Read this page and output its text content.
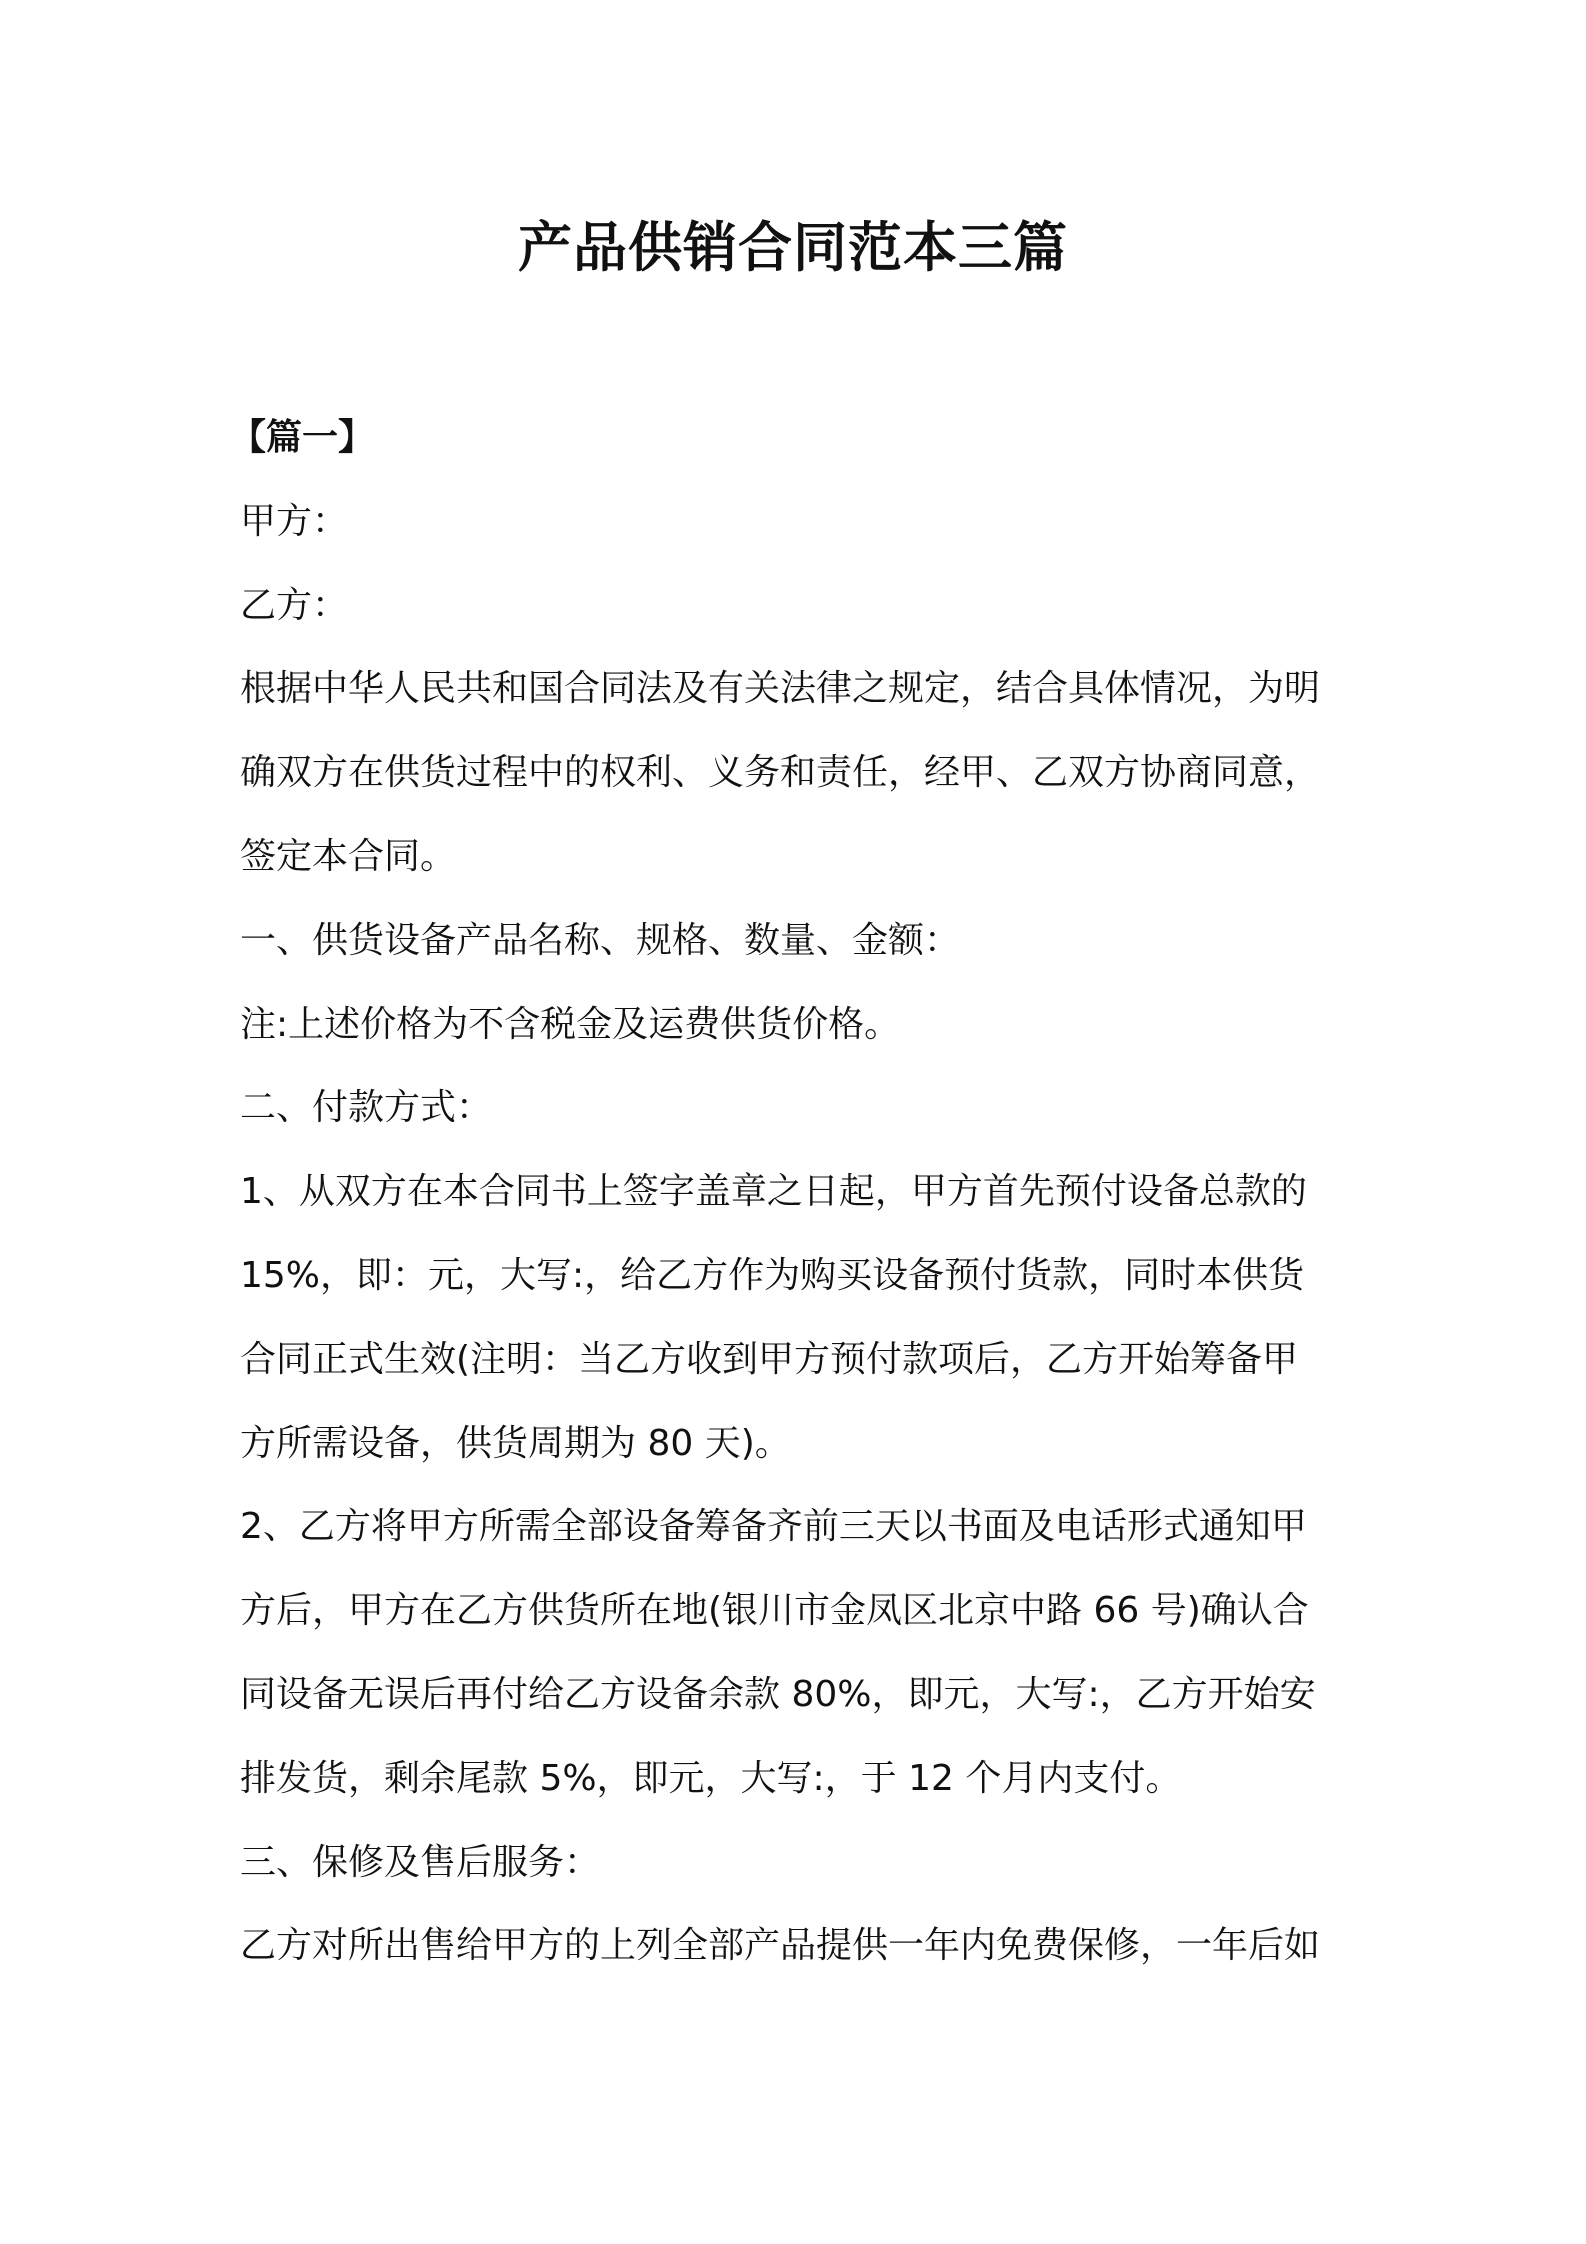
产品供销合同范本三篇
【篇一】
甲方：
乙方：
根据中华人民共和国合同法及有关法律之规定，结合具体情况，为明
确双方在供货过程中的权利、义务和责任，经甲、乙双方协商同意，
签定本合同。
一、供货设备产品名称、规格、数量、金额：
注:上述价格为不含税金及运费供货价格。
二、付款方式：
1、从双方在本合同书上签字盖章之日起，甲方首先预付设备总款的
15%，即：元，大写:，给乙方作为购买设备预付货款，同时本供货
合同正式生效(注明：当乙方收到甲方预付款项后，乙方开始筹备甲
方所需设备，供货周期为 80 天)。
2、乙方将甲方所需全部设备筹备齐前三天以书面及电话形式通知甲
方后，甲方在乙方供货所在地(银川市金凤区北京中路 66 号)确认合
同设备无误后再付给乙方设备余款 80%，即元，大写:，乙方开始安
排发货，剩余尾款 5%，即元，大写:，于 12 个月内支付。
三、保修及售后服务：
乙方对所出售给甲方的上列全部产品提供一年内免费保修，一年后如
